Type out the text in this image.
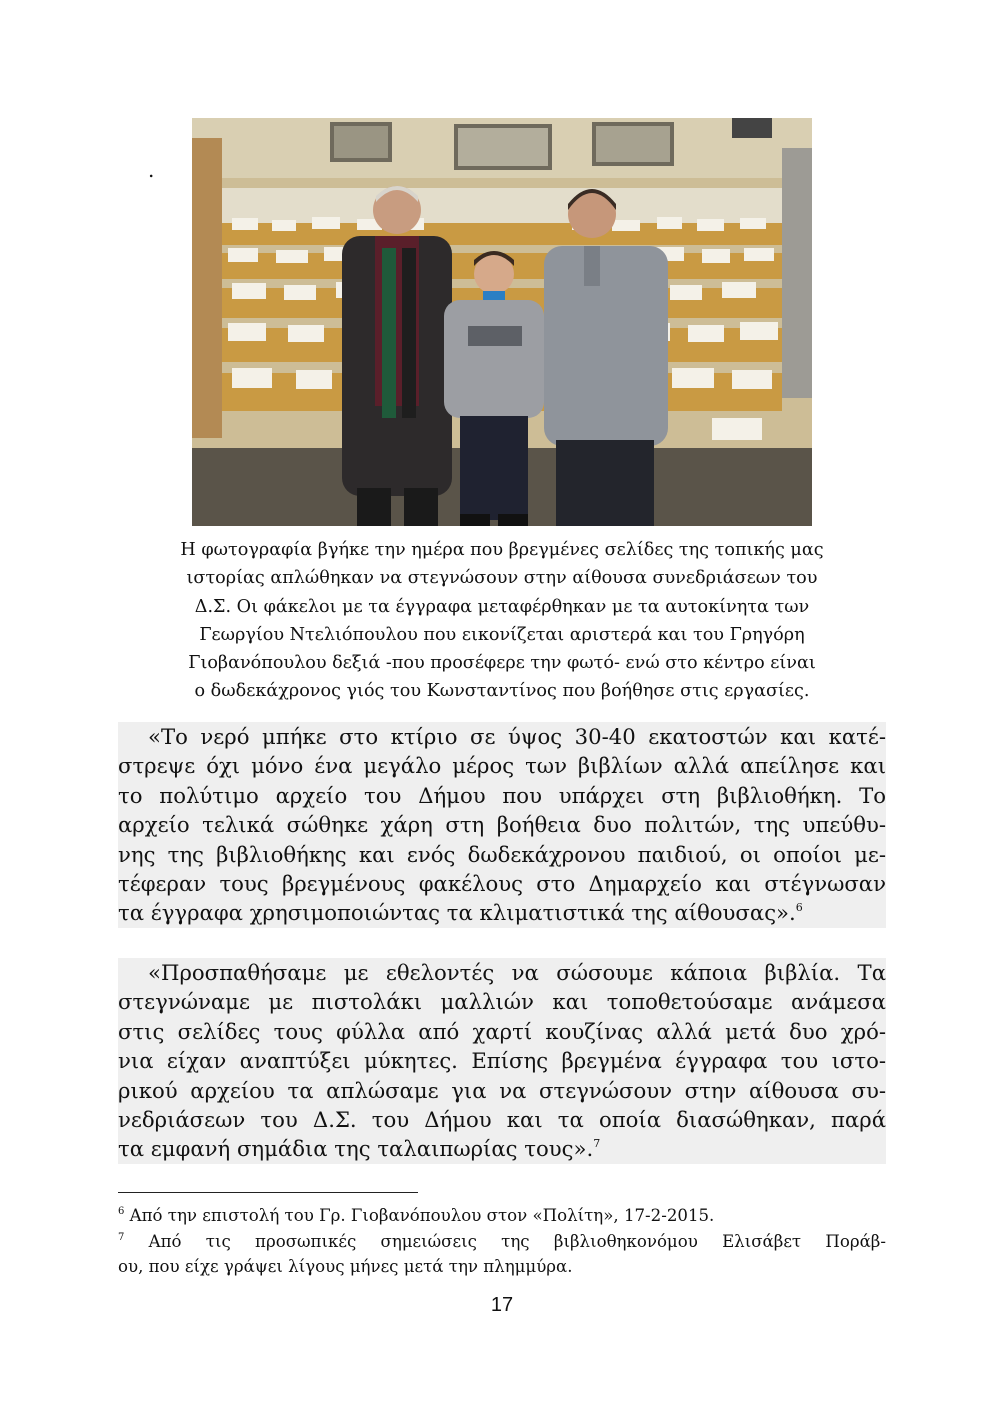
.
Η φωτογραφία βγήκε την ημέρα που βρεγμένες σελίδες της τοπικής μας
ιστορίας απλώθηκαν να στεγνώσουν στην αίθουσα συνεδριάσεων του
Δ.Σ. Οι φάκελοι με τα έγγραφα μεταφέρθηκαν με τα αυτοκίνητα των
Γεωργίου Ντελιόπουλου που εικονίζεται αριστερά και του Γρηγόρη
Γιοβανόπουλου δεξιά -που προσέφερε την φωτό- ενώ στο κέντρο είναι
ο δωδεκάχρονος γιός του Κωνσταντίνος που βοήθησε στις εργασίες.
«Το νερό μπήκε στο κτίριο σε ύψος 30-40 εκατοστών και κατέ-
στρεψε όχι μόνο ένα μεγάλο μέρος των βιβλίων αλλά απείλησε και
το πολύτιμο αρχείο του Δήμου που υπάρχει στη βιβλιοθήκη. Το
αρχείο τελικά σώθηκε χάρη στη βοήθεια δυο πολιτών, της υπεύθυ-
νης της βιβλιοθήκης και ενός δωδεκάχρονου παιδιού, οι οποίοι με-
τέφεραν τους βρεγμένους φακέλους στο Δημαρχείο και στέγνωσαν
τα έγγραφα χρησιμοποιώντας τα κλιματιστικά της αίθουσας».$^6$
«Προσπαθήσαμε με εθελοντές να σώσουμε κάποια βιβλία. Τα
στεγνώναμε με πιστολάκι μαλλιών και τοποθετούσαμε ανάμεσα
στις σελίδες τους φύλλα από χαρτί κουζίνας αλλά μετά δυο χρό-
νια είχαν αναπτύξει μύκητες. Επίσης βρεγμένα έγγραφα του ιστο-
ρικού αρχείου τα απλώσαμε για να στεγνώσουν στην αίθουσα συ-
νεδριάσεων του Δ.Σ. του Δήμου και τα οποία διασώθηκαν, παρά
τα εμφανή σημάδια της ταλαιπωρίας τους».$^7$
$^6$ Από την επιστολή του Γρ. Γιοβανόπουλου στον «Πολίτη», 17-2-2015.
$^7$ Από τις προσωπικές σημειώσεις της βιβλιοθηκονόμου Ελισάβετ Ποράβ-
ου, που είχε γράψει λίγους μήνες μετά την πλημμύρα.
17
